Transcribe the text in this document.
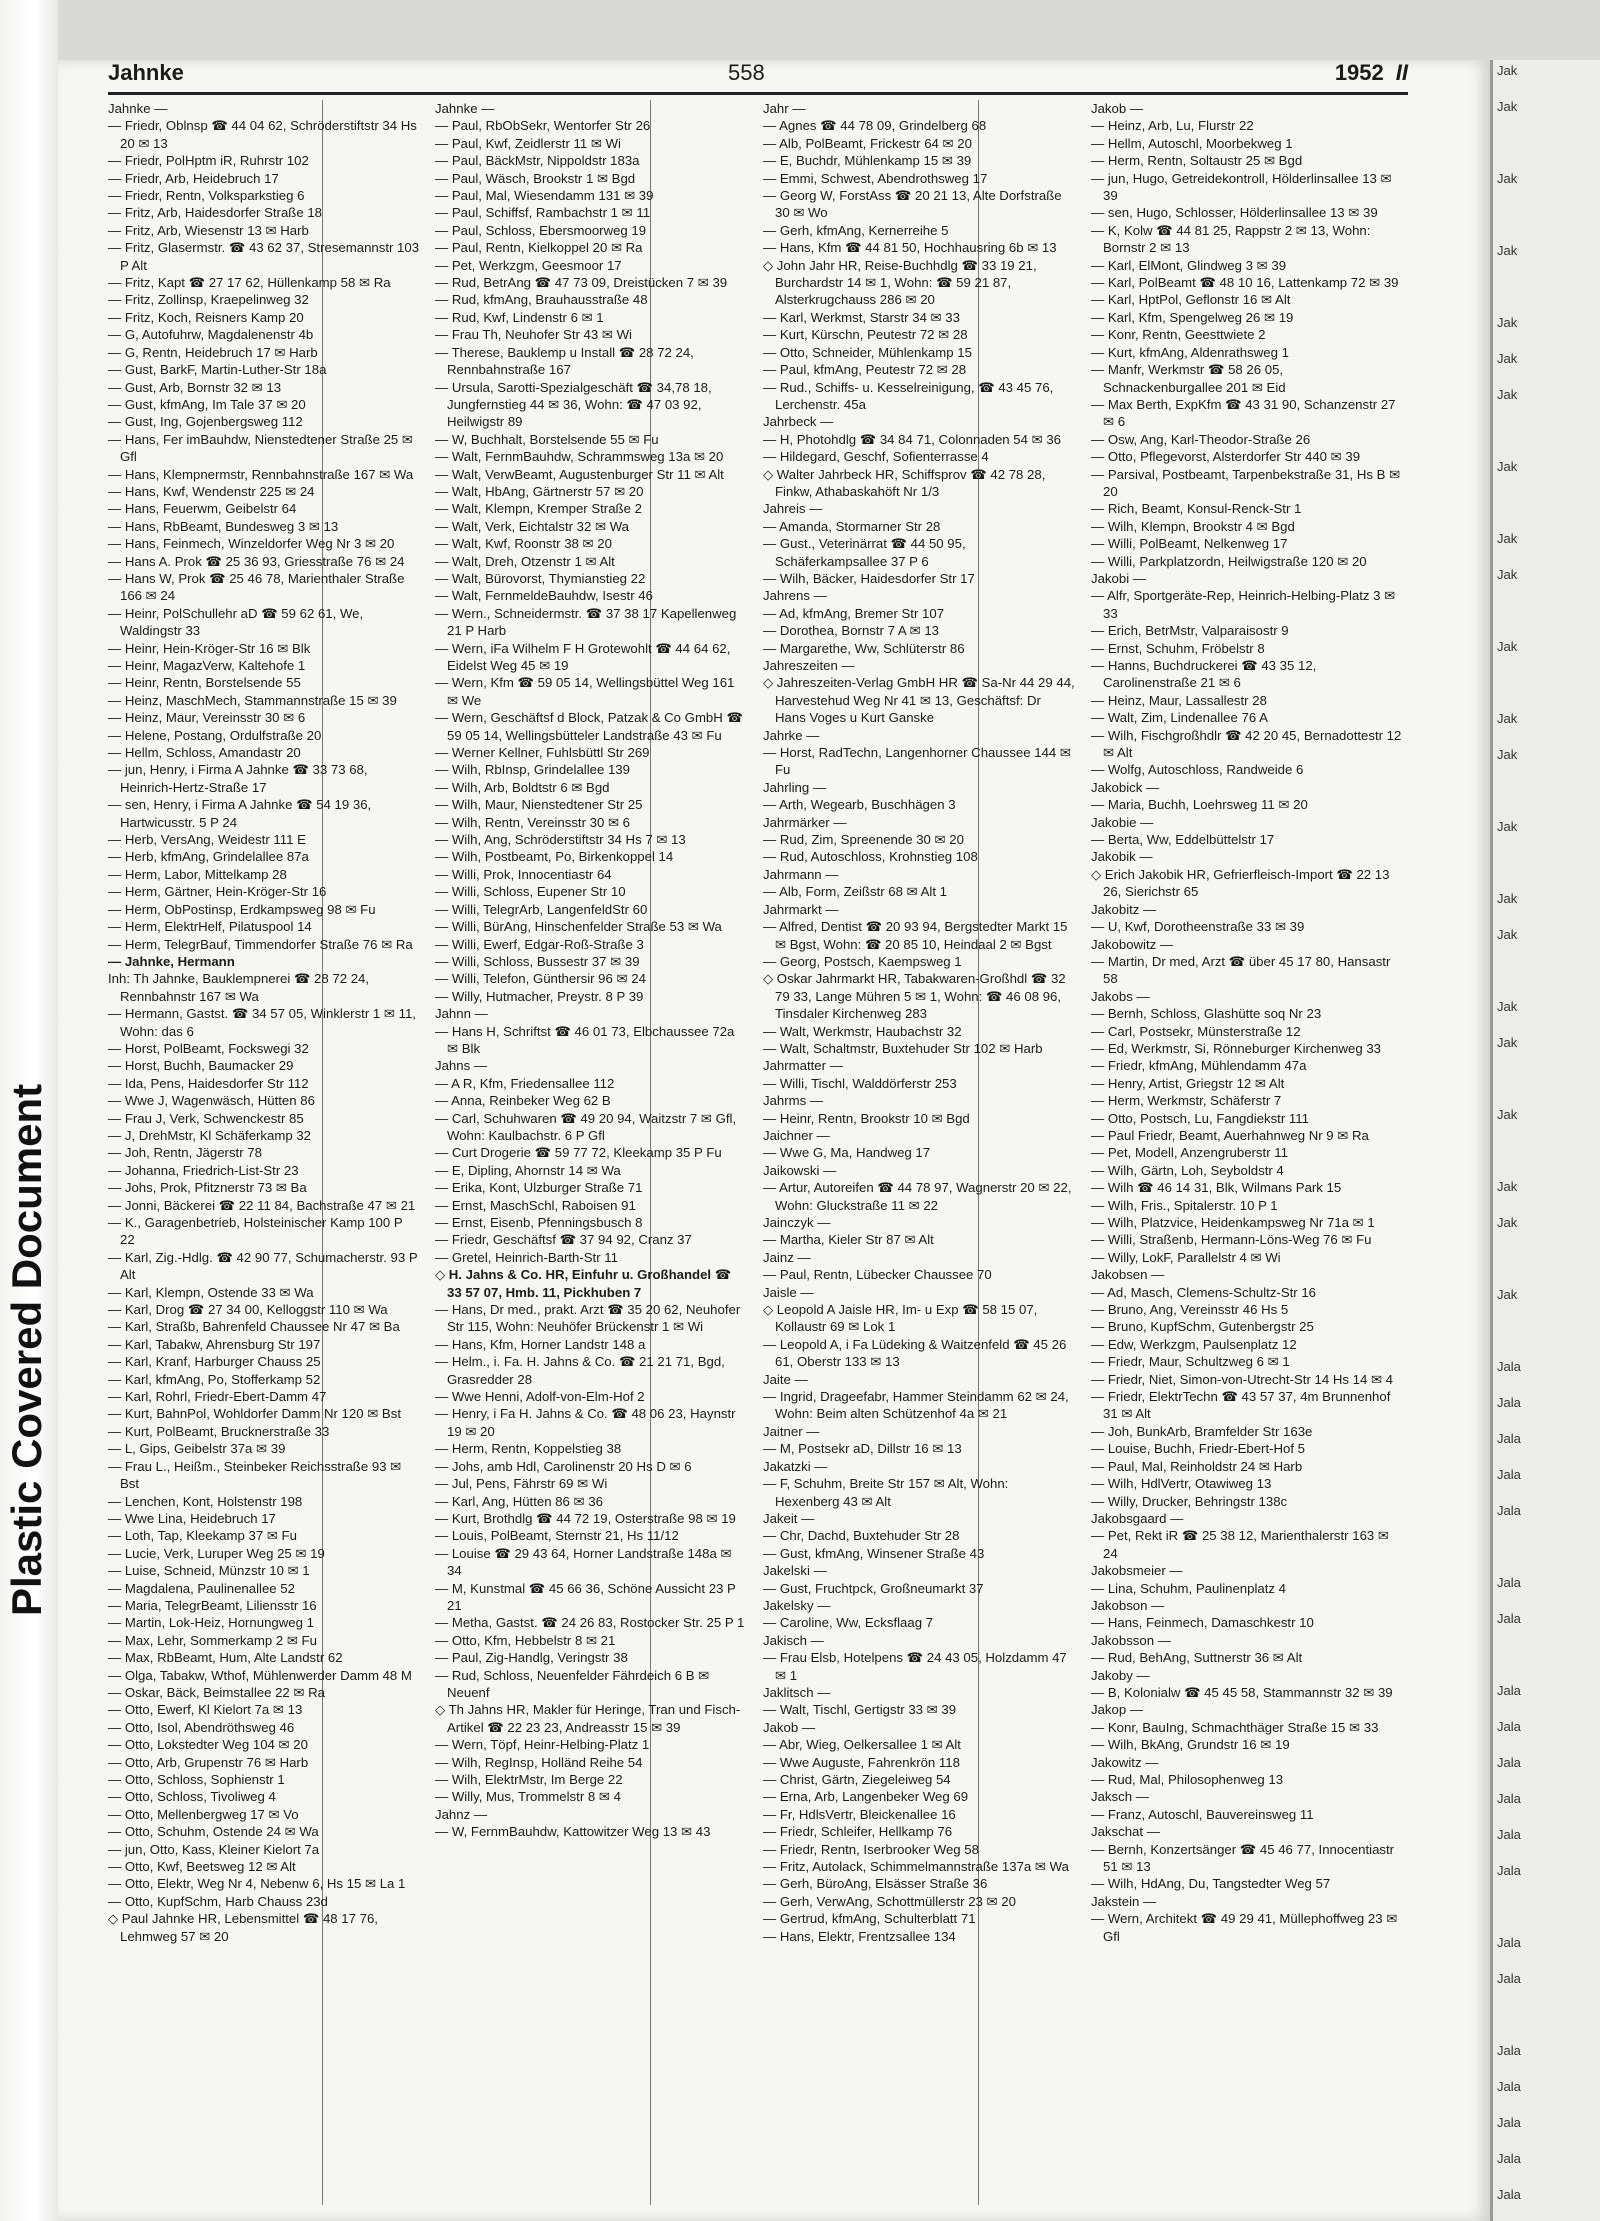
Plastic Covered Document
Jak
Jak
Jak
Jak
Jak
Jak
Jak
Jak
Jak
Jak
Jak
Jak
Jak
Jak
Jak
Jak
Jak
Jak
Jak
Jak
Jak
Jak
Jala
Jala
Jala
Jala
Jala
Jala
Jala
Jala
Jala
Jala
Jala
Jala
Jala
Jala
Jala
Jala
Jala
Jala
Jala
Jala
Jahnke	558	1952 II
Jahnke —
— Friedr, Oblnsp ☎ 44 04 62, Schröderstiftstr 34 Hs 20 ✉ 13
— Friedr, PolHptm iR, Ruhrstr 102
— Friedr, Arb, Heidebruch 17
— Friedr, Rentn, Volksparkstieg 6
— Fritz, Arb, Haidesdorfer Straße 18
— Fritz, Arb, Wiesenstr 13 ✉ Harb
— Fritz, Glasermstr. ☎ 43 62 37, Stresemannstr 103 P Alt
— Fritz, Kapt ☎ 27 17 62, Hüllenkamp 58 ✉ Ra
— Fritz, Zollinsp, Kraepelinweg 32
— Fritz, Koch, Reisners Kamp 20
— G, Autofuhrw, Magdalenenstr 4b
— G, Rentn, Heidebruch 17 ✉ Harb
— Gust, BarkF, Martin-Luther-Str 18a
— Gust, Arb, Bornstr 32 ✉ 13
— Gust, kfmAng, Im Tale 37 ✉ 20
— Gust, Ing, Gojenbergsweg 112
— Hans, Fer imBauhdw, Nienstedtener Straße 25 ✉ Gfl
— Hans, Klempnermstr, Rennbahnstraße 167 ✉ Wa
— Hans, Kwf, Wendenstr 225 ✉ 24
— Hans, Feuerwm, Geibelstr 64
— Hans, RbBeamt, Bundesweg 3 ✉ 13
— Hans, Feinmech, Winzeldorfer Weg Nr 3 ✉ 20
— Hans A. Prok ☎ 25 36 93, Griesstraße 76 ✉ 24
— Hans W, Prok ☎ 25 46 78, Marienthaler Straße 166 ✉ 24
— Heinr, PolSchullehr aD ☎ 59 62 61, We, Waldingstr 33
— Heinr, Hein-Kröger-Str 16 ✉ Blk
— Heinr, MagazVerw, Kaltehofe 1
— Heinr, Rentn, Borstelsende 55
— Heinz, MaschMech, Stammannstraße 15 ✉ 39
— Heinz, Maur, Vereinsstr 30 ✉ 6
— Helene, Postang, Ordulfstraße 20
— Hellm, Schloss, Amandastr 20
— jun, Henry, i Firma A Jahnke ☎ 33 73 68, Heinrich-Hertz-Straße 17
— sen, Henry, i Firma A Jahnke ☎ 54 19 36, Hartwicusstr. 5 P 24
— Herb, VersAng, Weidestr 111 E
— Herb, kfmAng, Grindelallee 87a
— Herm, Labor, Mittelkamp 28
— Herm, Gärtner, Hein-Kröger-Str 16
— Herm, ObPostinsp, Erdkampsweg 98 ✉ Fu
— Herm, ElektrHelf, Pilatuspool 14
— Herm, TelegrBauf, Timmendorfer Straße 76 ✉ Ra
— Jahnke, Hermann
Inh: Th Jahnke, Bauklempnerei ☎ 28 72 24, Rennbahnstr 167 ✉ Wa
— Hermann, Gastst. ☎ 34 57 05, Winklerstr 1 ✉ 11, Wohn: das 6
— Horst, PolBeamt, Fockswegi 32
— Horst, Buchh, Baumacker 29
— Ida, Pens, Haidesdorfer Str 112
— Wwe J, Wagenwäsch, Hütten 86
— Frau J, Verk, Schwenckestr 85
— J, DrehMstr, Kl Schäferkamp 32
— Joh, Rentn, Jägerstr 78
— Johanna, Friedrich-List-Str 23
— Johs, Prok, Pfitznerstr 73 ✉ Ba
— Jonni, Bäckerei ☎ 22 11 84, Bachstraße 47 ✉ 21
— K., Garagenbetrieb, Holsteinischer Kamp 100 P 22
— Karl, Zig.-Hdlg. ☎ 42 90 77, Schumacherstr. 93 P Alt
— Karl, Klempn, Ostende 33 ✉ Wa
— Karl, Drog ☎ 27 34 00, Kelloggstr 110 ✉ Wa
— Karl, Straßb, Bahrenfeld Chaussee Nr 47 ✉ Ba
— Karl, Tabakw, Ahrensburg Str 197
— Karl, Kranf, Harburger Chauss 25
— Karl, kfmAng, Po, Stofferkamp 52
— Karl, Rohrl, Friedr-Ebert-Damm 47
— Kurt, BahnPol, Wohldorfer Damm Nr 120 ✉ Bst
— Kurt, PolBeamt, Brucknerstraße 33
— L, Gips, Geibelstr 37a ✉ 39
— Frau L., Heißm., Steinbeker Reichsstraße 93 ✉ Bst
— Lenchen, Kont, Holstenstr 198
— Wwe Lina, Heidebruch 17
— Loth, Tap, Kleekamp 37 ✉ Fu
— Lucie, Verk, Luruper Weg 25 ✉ 19
— Luise, Schneid, Münzstr 10 ✉ 1
— Magdalena, Paulinenallee 52
— Maria, TelegrBeamt, Liliensstr 16
— Martin, Lok-Heiz, Hornungweg 1
— Max, Lehr, Sommerkamp 2 ✉ Fu
— Max, RbBeamt, Hum, Alte Landstr 62
— Olga, Tabakw, Wthof, Mühlenwerder Damm 48 M
— Oskar, Bäck, Beimstallee 22 ✉ Ra
— Otto, Ewerf, Kl Kielort 7a ✉ 13
— Otto, Isol, Abendröthsweg 46
— Otto, Lokstedter Weg 104 ✉ 20
— Otto, Arb, Grupenstr 76 ✉ Harb
— Otto, Schloss, Sophienstr 1
— Otto, Schloss, Tivoliweg 4
— Otto, Mellenbergweg 17 ✉ Vo
— Otto, Schuhm, Ostende 24 ✉ Wa
— jun, Otto, Kass, Kleiner Kielort 7a
— Otto, Kwf, Beetsweg 12 ✉ Alt
— Otto, Elektr, Weg Nr 4, Nebenw 6, Hs 15 ✉ La 1
— Otto, KupfSchm, Harb Chauss 23d
◇ Paul Jahnke HR, Lebensmittel ☎ 48 17 76, Lehmweg 57 ✉ 20
Jahnke —
— Paul, RbObSekr, Wentorfer Str 26
— Paul, Kwf, Zeidlerstr 11 ✉ Wi
— Paul, BäckMstr, Nippoldstr 183a
— Paul, Wäsch, Brookstr 1 ✉ Bgd
— Paul, Mal, Wiesendamm 131 ✉ 39
— Paul, Schiffsf, Rambachstr 1 ✉ 11
— Paul, Schloss, Ebersmoorweg 19
— Paul, Rentn, Kielkoppel 20 ✉ Ra
— Pet, Werkzgm, Geesmoor 17
— Rud, BetrAng ☎ 47 73 09, Dreistücken 7 ✉ 39
— Rud, kfmAng, Brauhausstraße 48
— Rud, Kwf, Lindenstr 6 ✉ 1
— Frau Th, Neuhofer Str 43 ✉ Wi
— Therese, Bauklemp u Install ☎ 28 72 24, Rennbahnstraße 167
— Ursula, Sarotti-Spezialgeschäft ☎ 34,78 18, Jungfernstieg 44 ✉ 36, Wohn: ☎ 47 03 92, Heilwigstr 89
— W, Buchhalt, Borstelsende 55 ✉ Fu
— Walt, FernmBauhdw, Schrammsweg 13a ✉ 20
— Walt, VerwBeamt, Augustenburger Str 11 ✉ Alt
— Walt, HbAng, Gärtnerstr 57 ✉ 20
— Walt, Klempn, Kremper Straße 2
— Walt, Verk, Eichtalstr 32 ✉ Wa
— Walt, Kwf, Roonstr 38 ✉ 20
— Walt, Dreh, Otzenstr 1 ✉ Alt
— Walt, Bürovorst, Thymianstieg 22
— Walt, FernmeldeBauhdw, Isestr 46
— Wern., Schneidermstr. ☎ 37 38 17 Kapellenweg 21 P Harb
— Wern, iFa Wilhelm F H Grotewohlt ☎ 44 64 62, Eidelst Weg 45 ✉ 19
— Wern, Kfm ☎ 59 05 14, Wellingsbüttel Weg 161 ✉ We
— Wern, Geschäftsf d Block, Patzak & Co GmbH ☎ 59 05 14, Wellingsbütteler Landstraße 43 ✉ Fu
— Werner Kellner, Fuhlsbüttl Str 269
— Wilh, RbInsp, Grindelallee 139
— Wilh, Arb, Boldtstr 6 ✉ Bgd
— Wilh, Maur, Nienstedtener Str 25
— Wilh, Rentn, Vereinsstr 30 ✉ 6
— Wilh, Ang, Schröderstiftstr 34 Hs 7 ✉ 13
— Wilh, Postbeamt, Po, Birkenkoppel 14
— Willi, Prok, Innocentiastr 64
— Willi, Schloss, Eupener Str 10
— Willi, TelegrArb, LangenfeldStr 60
— Willi, BürAng, Hinschenfelder Straße 53 ✉ Wa
— Willi, Ewerf, Edgar-Roß-Straße 3
— Willi, Schloss, Bussestr 37 ✉ 39
— Willi, Telefon, Günthersir 96 ✉ 24
— Willy, Hutmacher, Preystr. 8 P 39
Jahnn —
— Hans H, Schriftst ☎ 46 01 73, Elbchaussee 72a ✉ Blk
Jahns —
— A R, Kfm, Friedensallee 112
— Anna, Reinbeker Weg 62 B
— Carl, Schuhwaren ☎ 49 20 94, Waitzstr 7 ✉ Gfl, Wohn: Kaulbachstr. 6 P Gfl
— Curt Drogerie ☎ 59 77 72, Kleekamp 35 P Fu
— E, Dipling, Ahornstr 14 ✉ Wa
— Erika, Kont, Ulzburger Straße 71
— Ernst, MaschSchl, Raboisen 91
— Ernst, Eisenb, Pfenningsbusch 8
— Friedr, Geschäftsf ☎ 37 94 92, Cranz 37
— Gretel, Heinrich-Barth-Str 11
◇ H. Jahns & Co. HR, Einfuhr u. Großhandel ☎ 33 57 07, Hmb. 11, Pickhuben 7
— Hans, Dr med., prakt. Arzt ☎ 35 20 62, Neuhofer Str 115, Wohn: Neuhöfer Brückenstr 1 ✉ Wi
— Hans, Kfm, Horner Landstr 148 a
— Helm., i. Fa. H. Jahns & Co. ☎ 21 21 71, Bgd, Grasredder 28
— Wwe Henni, Adolf-von-Elm-Hof 2
— Henry, i Fa H. Jahns & Co. ☎ 48 06 23, Haynstr 19 ✉ 20
— Herm, Rentn, Koppelstieg 38
— Johs, amb Hdl, Carolinenstr 20 Hs D ✉ 6
— Jul, Pens, Fährstr 69 ✉ Wi
— Karl, Ang, Hütten 86 ✉ 36
— Kurt, Brothdlg ☎ 44 72 19, Osterstraße 98 ✉ 19
— Louis, PolBeamt, Sternstr 21, Hs 11/12
— Louise ☎ 29 43 64, Horner Landstraße 148a ✉ 34
— M, Kunstmal ☎ 45 66 36, Schöne Aussicht 23 P 21
— Metha, Gastst. ☎ 24 26 83, Rostocker Str. 25 P 1
— Otto, Kfm, Hebbelstr 8 ✉ 21
— Paul, Zig-Handlg, Veringstr 38
— Rud, Schloss, Neuenfelder Fährdeich 6 B ✉ Neuenf
◇ Th Jahns HR, Makler für Heringe, Tran und Fisch-Artikel ☎ 22 23 23, Andreasstr 15 ✉ 39
— Wern, Töpf, Heinr-Helbing-Platz 1
— Wilh, RegInsp, Holländ Reihe 54
— Wilh, ElektrMstr, Im Berge 22
— Willy, Mus, Trommelstr 8 ✉ 4
Jahnz —
— W, FernmBauhdw, Kattowitzer Weg 13 ✉ 43
Jahr —
— Agnes ☎ 44 78 09, Grindelberg 68
— Alb, PolBeamt, Frickestr 64 ✉ 20
— E, Buchdr, Mühlenkamp 15 ✉ 39
— Emmi, Schwest, Abendrothsweg 17
— Georg W, ForstAss ☎ 20 21 13, Alte Dorfstraße 30 ✉ Wo
— Gerh, kfmAng, Kernerreihe 5
— Hans, Kfm ☎ 44 81 50, Hochhausring 6b ✉ 13
◇ John Jahr HR, Reise-Buchhdlg ☎ 33 19 21, Burchardstr 14 ✉ 1, Wohn: ☎ 59 21 87, Alsterkrugchauss 286 ✉ 20
— Karl, Werkmst, Starstr 34 ✉ 33
— Kurt, Kürschn, Peutestr 72 ✉ 28
— Otto, Schneider, Mühlenkamp 15
— Paul, kfmAng, Peutestr 72 ✉ 28
— Rud., Schiffs- u. Kesselreinigung, ☎ 43 45 76, Lerchenstr. 45a
Jahrbeck —
— H, Photohdlg ☎ 34 84 71, Colonnaden 54 ✉ 36
— Hildegard, Geschf, Sofienterrasse 4
◇ Walter Jahrbeck HR, Schiffsprov ☎ 42 78 28, Finkw, Athabaskahöft Nr 1/3
Jahreis —
— Amanda, Stormarner Str 28
— Gust., Veterinärrat ☎ 44 50 95, Schäferkampsallee 37 P 6
— Wilh, Bäcker, Haidesdorfer Str 17
Jahrens —
— Ad, kfmAng, Bremer Str 107
— Dorothea, Bornstr 7 A ✉ 13
— Margarethe, Ww, Schlüterstr 86
Jahreszeiten —
◇ Jahreszeiten-Verlag GmbH HR ☎ Sa-Nr 44 29 44, Harvestehud Weg Nr 41 ✉ 13, Geschäftsf: Dr Hans Voges u Kurt Ganske
Jahrke —
— Horst, RadTechn, Langenhorner Chaussee 144 ✉ Fu
Jahrling —
— Arth, Wegearb, Buschhägen 3
Jahrmärker —
— Rud, Zim, Spreenende 30 ✉ 20
— Rud, Autoschloss, Krohnstieg 108
Jahrmann —
— Alb, Form, Zeißstr 68 ✉ Alt 1
Jahrmarkt —
— Alfred, Dentist ☎ 20 93 94, Bergstedter Markt 15 ✉ Bgst, Wohn: ☎ 20 85 10, Heindaal 2 ✉ Bgst
— Georg, Postsch, Kaempsweg 1
◇ Oskar Jahrmarkt HR, Tabakwaren-Großhdl ☎ 32 79 33, Lange Mühren 5 ✉ 1, Wohn: ☎ 46 08 96, Tinsdaler Kirchenweg 283
— Walt, Werkmstr, Haubachstr 32
— Walt, Schaltmstr, Buxtehuder Str 102 ✉ Harb
Jahrmatter —
— Willi, Tischl, Walddörferstr 253
Jahrms —
— Heinr, Rentn, Brookstr 10 ✉ Bgd
Jaichner —
— Wwe G, Ma, Handweg 17
Jaikowski —
— Artur, Autoreifen ☎ 44 78 97, Wagnerstr 20 ✉ 22, Wohn: Gluckstraße 11 ✉ 22
Jainczyk —
— Martha, Kieler Str 87 ✉ Alt
Jainz —
— Paul, Rentn, Lübecker Chaussee 70
Jaisle —
◇ Leopold A Jaisle HR, Im- u Exp ☎ 58 15 07, Kollaustr 69 ✉ Lok 1
— Leopold A, i Fa Lüdeking & Waitzenfeld ☎ 45 26 61, Oberstr 133 ✉ 13
Jaite —
— Ingrid, Drageefabr, Hammer Steindamm 62 ✉ 24, Wohn: Beim alten Schützenhof 4a ✉ 21
Jaitner —
— M, Postsekr aD, Dillstr 16 ✉ 13
Jakatzki —
— F, Schuhm, Breite Str 157 ✉ Alt, Wohn: Hexenberg 43 ✉ Alt
Jakeit —
— Chr, Dachd, Buxtehuder Str 28
— Gust, kfmAng, Winsener Straße 43
Jakelski —
— Gust, Fruchtpck, Großneumarkt 37
Jakelsky —
— Caroline, Ww, Ecksflaag 7
Jakisch —
— Frau Elsb, Hotelpens ☎ 24 43 05, Holzdamm 47 ✉ 1
Jaklitsch —
— Walt, Tischl, Gertigstr 33 ✉ 39
Jakob —
— Abr, Wieg, Oelkersallee 1 ✉ Alt
— Wwe Auguste, Fahrenkrön 118
— Christ, Gärtn, Ziegeleiweg 54
— Erna, Arb, Langenbeker Weg 69
— Fr, HdlsVertr, Bleickenallee 16
— Friedr, Schleifer, Hellkamp 76
— Friedr, Rentn, Iserbrooker Weg 58
— Fritz, Autolack, Schimmelmannstraße 137a ✉ Wa
— Gerh, BüroAng, Elsässer Straße 36
— Gerh, VerwAng, Schottmüllerstr 23 ✉ 20
— Gertrud, kfmAng, Schulterblatt 71
— Hans, Elektr, Frentzsallee 134
Jakob —
— Heinz, Arb, Lu, Flurstr 22
— Hellm, Autoschl, Moorbekweg 1
— Herm, Rentn, Soltaustr 25 ✉ Bgd
— jun, Hugo, Getreidekontroll, Hölderlinsallee 13 ✉ 39
— sen, Hugo, Schlosser, Hölderlinsallee 13 ✉ 39
— K, Kolw ☎ 44 81 25, Rappstr 2 ✉ 13, Wohn: Bornstr 2 ✉ 13
— Karl, ElMont, Glindweg 3 ✉ 39
— Karl, PolBeamt ☎ 48 10 16, Lattenkamp 72 ✉ 39
— Karl, HptPol, Geflonstr 16 ✉ Alt
— Karl, Kfm, Spengelweg 26 ✉ 19
— Konr, Rentn, Geesttwiete 2
— Kurt, kfmAng, Aldenrathsweg 1
— Manfr, Werkmstr ☎ 58 26 05, Schnackenburgallee 201 ✉ Eid
— Max Berth, ExpKfm ☎ 43 31 90, Schanzenstr 27 ✉ 6
— Osw, Ang, Karl-Theodor-Straße 26
— Otto, Pflegevorst, Alsterdorfer Str 440 ✉ 39
— Parsival, Postbeamt, Tarpenbekstraße 31, Hs B ✉ 20
— Rich, Beamt, Konsul-Renck-Str 1
— Wilh, Klempn, Brookstr 4 ✉ Bgd
— Willi, PolBeamt, Nelkenweg 17
— Willi, Parkplatzordn, Heilwigstraße 120 ✉ 20
Jakobi —
— Alfr, Sportgeräte-Rep, Heinrich-Helbing-Platz 3 ✉ 33
— Erich, BetrMstr, Valparaisostr 9
— Ernst, Schuhm, Fröbelstr 8
— Hanns, Buchdruckerei ☎ 43 35 12, Carolinenstraße 21 ✉ 6
— Heinz, Maur, Lassallestr 28
— Walt, Zim, Lindenallee 76 A
— Wilh, Fischgroßhdlr ☎ 42 20 45, Bernadottestr 12 ✉ Alt
— Wolfg, Autoschloss, Randweide 6
Jakobick —
— Maria, Buchh, Loehrsweg 11 ✉ 20
Jakobie —
— Berta, Ww, Eddelbüttelstr 17
Jakobik —
◇ Erich Jakobik HR, Gefrierfleisch-Import ☎ 22 13 26, Sierichstr 65
Jakobitz —
— U, Kwf, Dorotheenstraße 33 ✉ 39
Jakobowitz —
— Martin, Dr med, Arzt ☎ über 45 17 80, Hansastr 58
Jakobs —
— Bernh, Schloss, Glashütte soq Nr 23
— Carl, Postsekr, Münsterstraße 12
— Ed, Werkmstr, Si, Rönneburger Kirchenweg 33
— Friedr, kfmAng, Mühlendamm 47a
— Henry, Artist, Griegstr 12 ✉ Alt
— Herm, Werkmstr, Schäferstr 7
— Otto, Postsch, Lu, Fangdiekstr 111
— Paul Friedr, Beamt, Auerhahnweg Nr 9 ✉ Ra
— Pet, Modell, Anzengruberstr 11
— Wilh, Gärtn, Loh, Seyboldstr 4
— Wilh ☎ 46 14 31, Blk, Wilmans Park 15
— Wilh, Fris., Spitalerstr. 10 P 1
— Wilh, Platzvice, Heidenkampsweg Nr 71a ✉ 1
— Willi, Straßenb, Hermann-Löns-Weg 76 ✉ Fu
— Willy, LokF, Parallelstr 4 ✉ Wi
Jakobsen —
— Ad, Masch, Clemens-Schultz-Str 16
— Bruno, Ang, Vereinsstr 46 Hs 5
— Bruno, KupfSchm, Gutenbergstr 25
— Edw, Werkzgm, Paulsenplatz 12
— Friedr, Maur, Schultzweg 6 ✉ 1
— Friedr, Niet, Simon-von-Utrecht-Str 14 Hs 14 ✉ 4
— Friedr, ElektrTechn ☎ 43 57 37, 4m Brunnenhof 31 ✉ Alt
— Joh, BunkArb, Bramfelder Str 163e
— Louise, Buchh, Friedr-Ebert-Hof 5
— Paul, Mal, Reinholdstr 24 ✉ Harb
— Wilh, HdlVertr, Otawiweg 13
— Willy, Drucker, Behringstr 138c
Jakobsgaard —
— Pet, Rekt iR ☎ 25 38 12, Marienthalerstr 163 ✉ 24
Jakobsmeier —
— Lina, Schuhm, Paulinenplatz 4
Jakobson —
— Hans, Feinmech, Damaschkestr 10
Jakobsson —
— Rud, BehAng, Suttnerstr 36 ✉ Alt
Jakoby —
— B, Kolonialw ☎ 45 45 58, Stammannstr 32 ✉ 39
Jakop —
— Konr, BauIng, Schmachthäger Straße 15 ✉ 33
— Wilh, BkAng, Grundstr 16 ✉ 19
Jakowitz —
— Rud, Mal, Philosophenweg 13
Jaksch —
— Franz, Autoschl, Bauvereinsweg 11
Jakschat —
— Bernh, Konzertsänger ☎ 45 46 77, Innocentiastr 51 ✉ 13
— Wilh, HdAng, Du, Tangstedter Weg 57
Jakstein —
— Wern, Architekt ☎ 49 29 41, Müllephoffweg 23 ✉ Gfl
